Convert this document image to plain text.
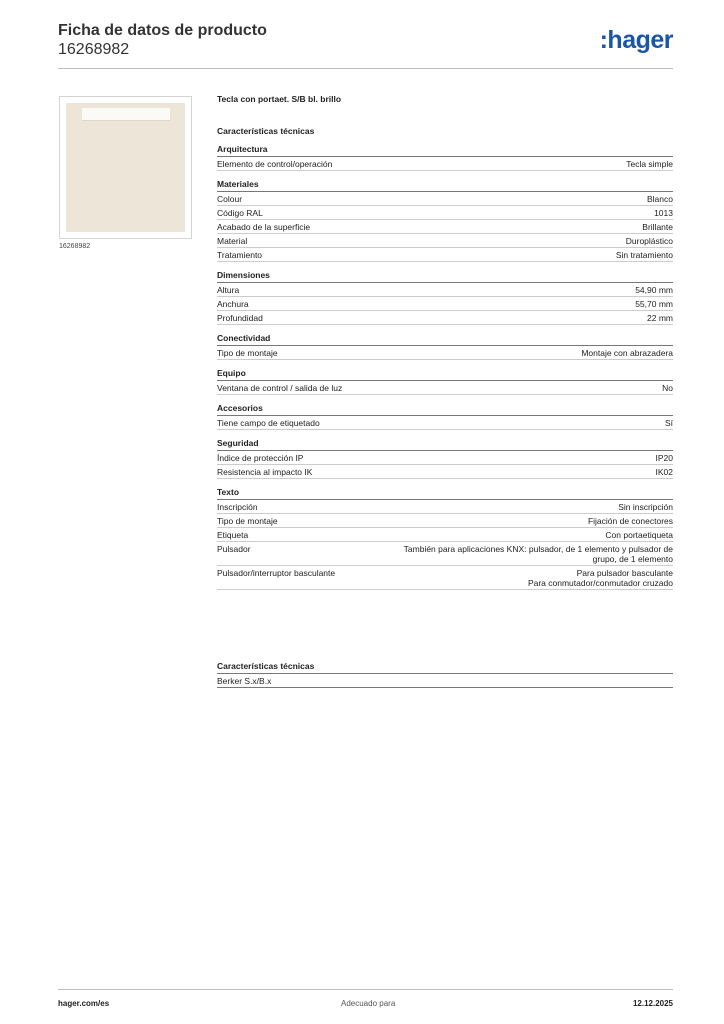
Ficha de datos de producto
16268982	:hager
16268982
Tecla con portaet. S/B bl. brillo
Características técnicas
Arquitectura
Elemento de control/operación	Tecla simple
Materiales
Colour	Blanco
Código RAL	1013
Acabado de la superficie	Brillante
Material	Duroplástico
Tratamiento	Sin tratamiento
Dimensiones
Altura	54,90 mm
Anchura	55,70 mm
Profundidad	22 mm
Conectividad
Tipo de montaje	Montaje con abrazadera
Equipo
Ventana de control / salida de luz	No
Accesorios
Tiene campo de etiquetado	Sí
Seguridad
Índice de protección IP	IP20
Resistencia al impacto IK	IK02
Texto
Inscripción	Sin inscripción
Tipo de montaje	Fijación de conectores
Etiqueta	Con portaetiqueta
Pulsador	También para aplicaciones KNX: pulsador, de 1 elemento y pulsador de
grupo, de 1 elemento
Pulsador/interruptor basculante	Para pulsador basculante
Para conmutador/conmutador cruzado
Características técnicas
Berker S.x/B.x
hager.com/es	Adecuado para	12.12.2025
